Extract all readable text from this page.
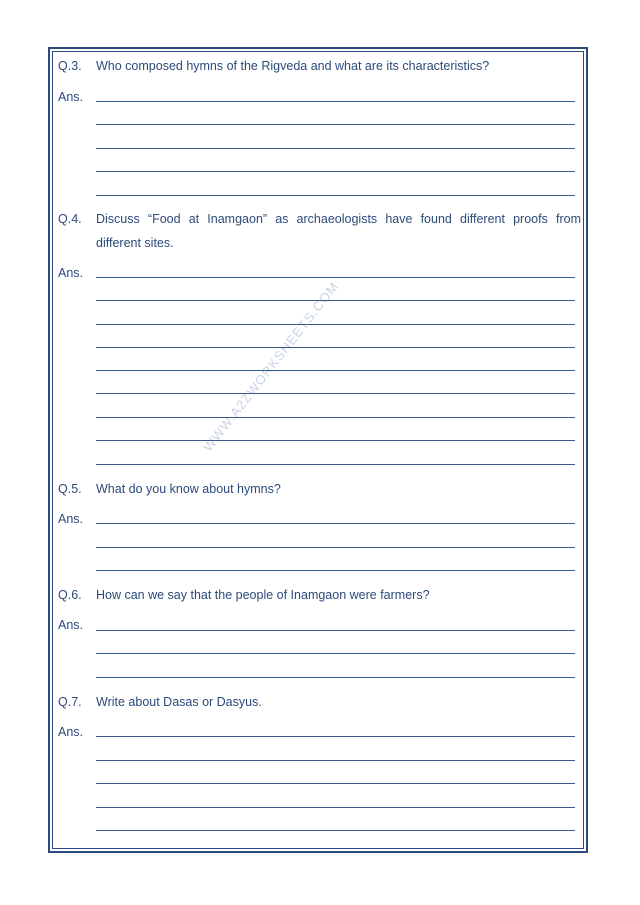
WWW.A2ZWORKSHEETS.COM
Q.3. Who composed hymns of the Rigveda and what are its characteristics?
Ans.
Q.4. Discuss “Food at Inamgaon” as archaeologists have found different proofs from
different sites.
Ans.
Q.5. What do you know about hymns?
Ans.
Q.6. How can we say that the people of Inamgaon were farmers?
Ans.
Q.7. Write about Dasas or Dasyus.
Ans.
